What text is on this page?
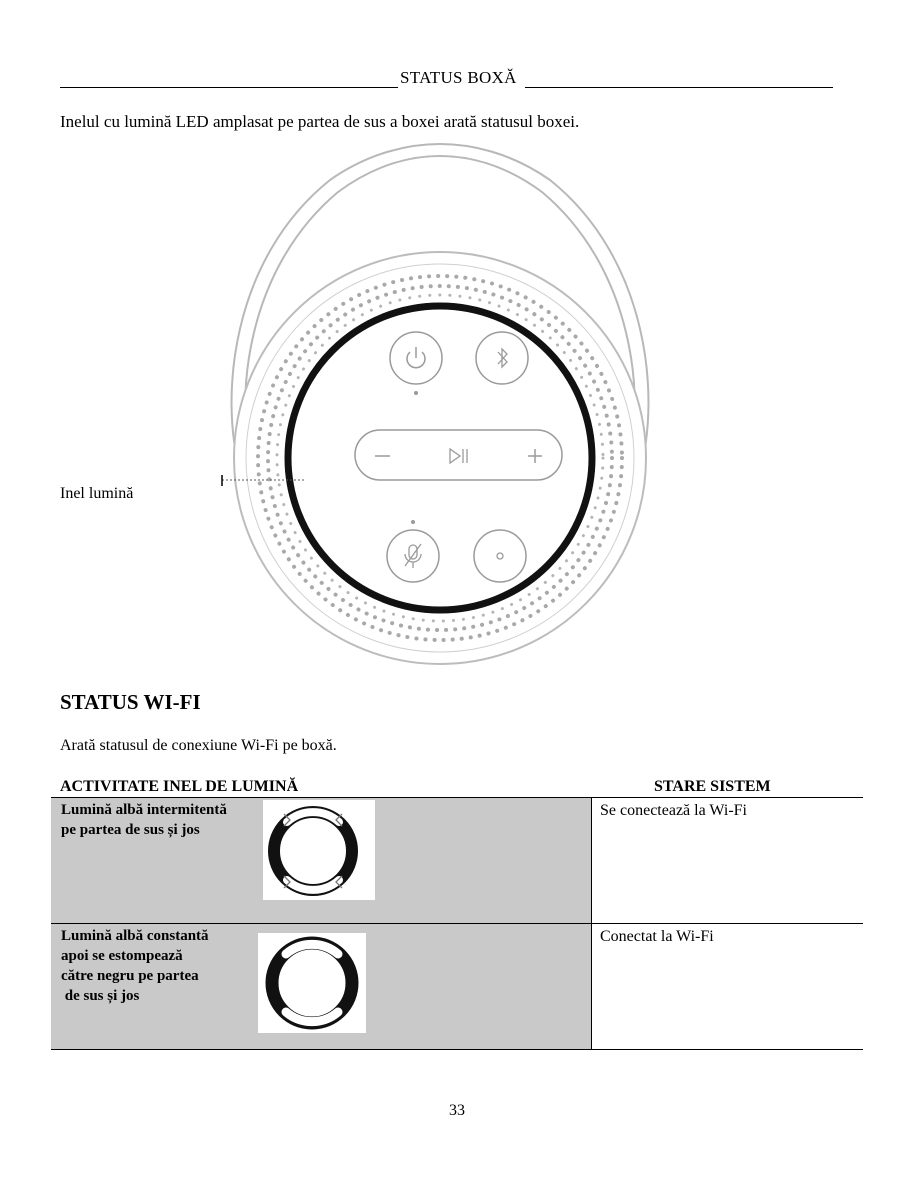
STATUS BOXĂ
Inelul cu lumină LED amplasat pe partea de sus a boxei arată statusul boxei.
Inel lumină
STATUS WI-FI
Arată statusul de conexiune Wi-Fi pe boxă.
ACTIVITATE INEL DE LUMINĂ	STARE SISTEM
Lumină albă intermitentă
pe partea de sus și jos
Se conectează la Wi-Fi
Lumină albă constantă
apoi se estompează
către negru pe partea
de sus și jos
Conectat la Wi-Fi
33
